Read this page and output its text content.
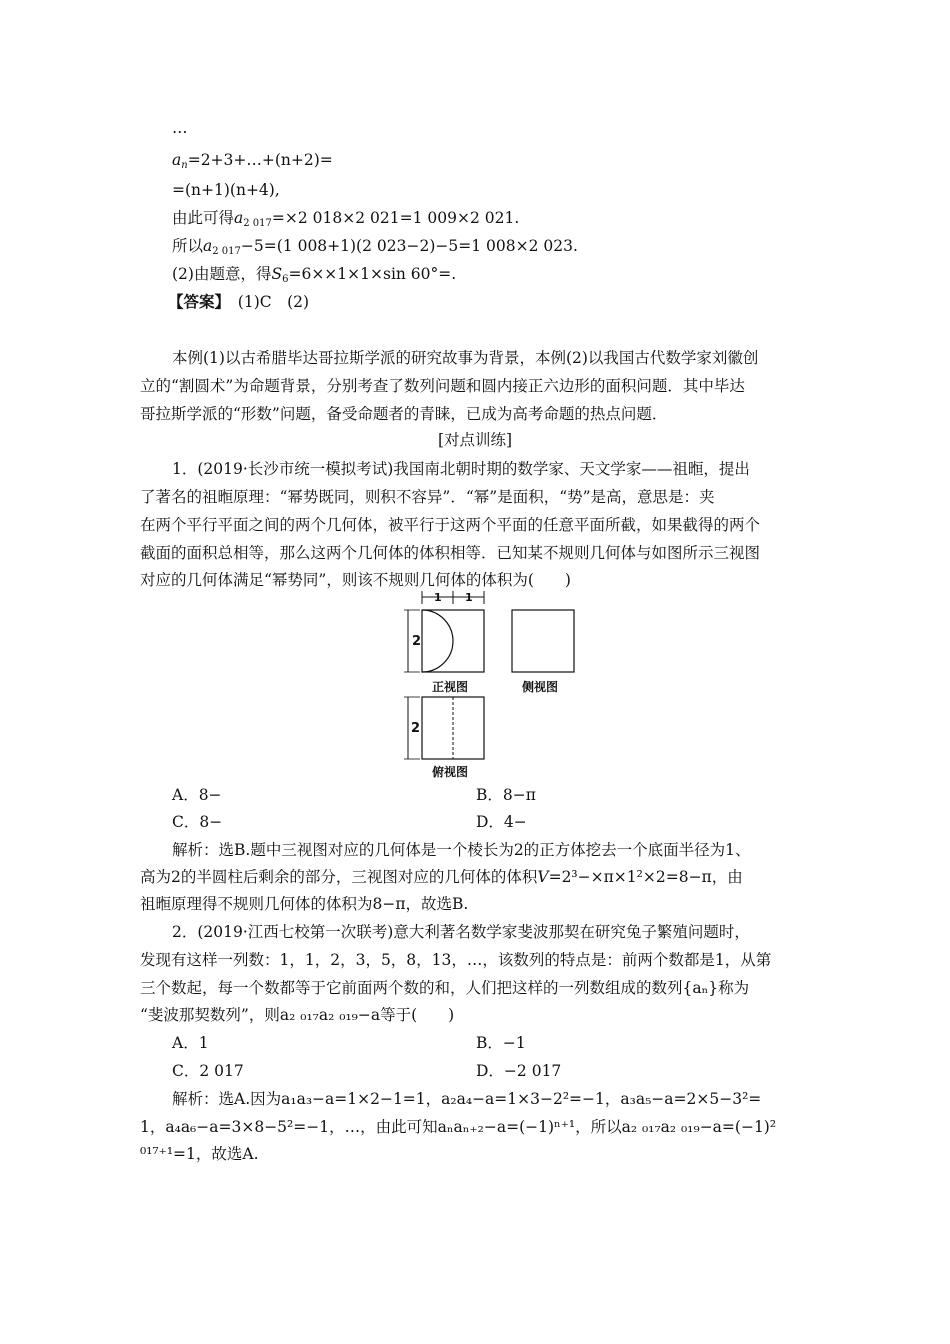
…
$a_n=2+3+\dots+(n+2)=$
=(n+1)(n+4),
由此可得$a_{2 017}=\times 2$ 018×2 021=1 009×2 021.
所以$a_{2 017}-5=(1$ 008+1)(2 023−2)−5=1 008×2 023.
(2)由题意，得$S_6=6\times\times 1\times 1\times\sin$ 60°=.
【答案】　 (1)C　(2)
本例(1)以古希腊毕达哥拉斯学派的研究故事为背景，本例(2)以我国古代数学家刘徽创
立的“割圆术”为命题背景，分别考查了数列问题和圆内接正六边形的面积问题．其中毕达
哥拉斯学派的“形数”问题，备受命题者的青睐，已成为高考命题的热点问题．
[对点训练]
1．(2019·长沙市统一模拟考试)我国南北朝时期的数学家、天文学家——祖暅，提出
了著名的祖暅原理：“幂势既同，则积不容异”．“幂”是面积，“势”是高，意思是：夹
在两个平行平面之间的两个几何体，被平行于这两个平面的任意平面所截，如果截得的两个
截面的面积总相等，那么这两个几何体的体积相等．已知某不规则几何体与如图所示三视图
对应的几何体满足“幂势同”，则该不规则几何体的体积为(　　)
1 1
2
2
正视图	侧视图
俯视图
A．8−	B．8−π
C．8−	D．4−
解析：选B.题中三视图对应的几何体是一个棱长为2的正方体挖去一个底面半径为1、
高为2的半圆柱后剩余的部分，三视图对应的几何体的体积V=2³−×π×1²×2=8−π，由
祖暅原理得不规则几何体的体积为8−π，故选B.
2．(2019·江西七校第一次联考)意大利著名数学家斐波那契在研究兔子繁殖问题时，
发现有这样一列数：1，1，2，3，5，8，13，…，该数列的特点是：前两个数都是1，从第
三个数起，每一个数都等于它前面两个数的和，人们把这样的一列数组成的数列{aₙ}称为
“斐波那契数列”，则a₂ ₀₁₇a₂ ₀₁₉−a等于(　　)
A．1	B．−1
C．2 017	D．−2 017
解析：选A.因为a₁a₃−a=1×2−1=1，a₂a₄−a=1×3−2²=−1，a₃a₅−a=2×5−3²=
1，a₄a₆−a=3×8−5²=−1，…，由此可知aₙaₙ₊₂−a=(−1)ⁿ⁺¹，所以a₂ ₀₁₇a₂ ₀₁₉−a=(−1)²
⁰¹⁷⁺¹=1，故选A.
